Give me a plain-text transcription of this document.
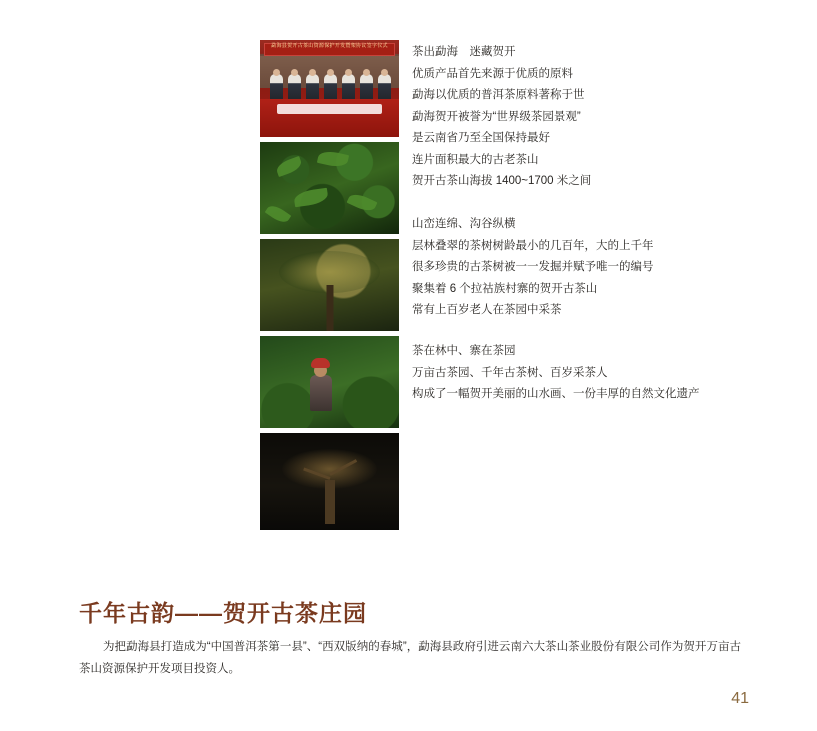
勐海县贺开古茶山资源保护开发暨架协议签字仪式	茶出勐海　迷藏贺开

优质产品首先来源于优质的原料

勐海以优质的普洱茶原料著称于世

勐海贺开被誉为“世界级茶园景观”

是云南省乃至全国保持最好

连片面积最大的古老茶山

贺开古茶山海拔 1400~1700 米之间

山峦连绵、沟谷纵横

层林叠翠的茶树树龄最小的几百年，大的上千年

很多珍贵的古茶树被一一发掘并赋予唯一的编号

聚集着 6 个拉祜族村寨的贺开古茶山

常有上百岁老人在茶园中采茶

茶在林中、寨在茶园

万亩古茶园、千年古茶树、百岁采茶人

构成了一幅贺开美丽的山水画、一份丰厚的自然文化遗产

千年古韵——贺开古茶庄园
为把勐海县打造成为“中国普洱茶第一县”、“西双版纳的春城”，勐海县政府引进云南六大茶山茶业股份有限公司作为贺开万亩古茶山资源保护开发项目投资人。
41
